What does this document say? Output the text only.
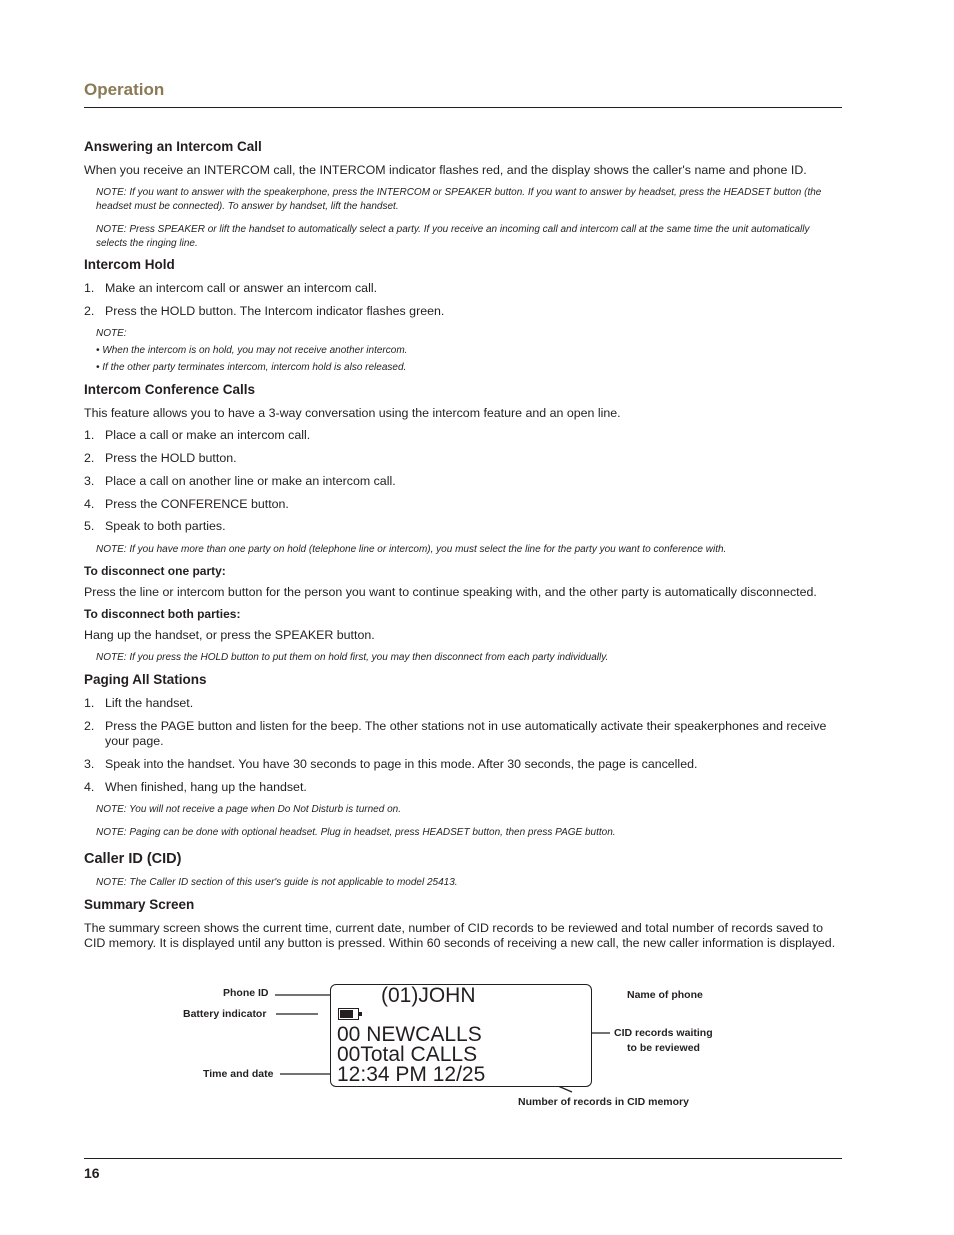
Operation
Answering an Intercom Call
When you receive an INTERCOM call, the INTERCOM indicator flashes red, and the display shows the caller's name and phone ID.
NOTE: If you want to answer with the speakerphone, press the INTERCOM or SPEAKER button. If you want to answer by headset, press the HEADSET button (the headset must be connected). To answer by handset, lift the handset.
NOTE: Press SPEAKER or lift the handset to automatically select a party. If you receive an incoming call and intercom call at the same time the unit automatically selects the ringing line.
Intercom Hold
1. Make an intercom call or answer an intercom call.
2. Press the HOLD button. The Intercom indicator flashes green.
NOTE:
• When the intercom is on hold, you may not receive another intercom.
• If the other party terminates intercom, intercom hold is also released.
Intercom Conference Calls
This feature allows you to have a 3-way conversation using the intercom feature and an open line.
1. Place a call or make an intercom call.
2. Press the HOLD button.
3. Place a call on another line or make an intercom call.
4. Press the CONFERENCE button.
5. Speak to both parties.
NOTE: If you have more than one party on hold (telephone line or intercom), you must select the line for the party you want to conference with.
To disconnect one party:
Press the line or intercom button for the person you want to continue speaking with, and the other party is automatically disconnected.
To disconnect both parties:
Hang up the handset, or press the SPEAKER button.
NOTE: If you press the HOLD button to put them on hold first, you may then disconnect from each party individually.
Paging All Stations
1. Lift the handset.
2. Press the PAGE button and listen for the beep. The other stations not in use automatically activate their speakerphones and receive your page.
3. Speak into the handset. You have 30 seconds to page in this mode. After 30 seconds, the page is cancelled.
4. When finished, hang up the handset.
NOTE: You will not receive a page when Do Not Disturb is turned on.
NOTE: Paging can be done with optional headset. Plug in headset, press HEADSET button, then press PAGE button.
Caller ID (CID)
NOTE: The Caller ID section of this user's guide is not applicable to model 25413.
Summary Screen
The summary screen shows the current time, current date, number of CID records to be reviewed and total number of records saved to CID memory. It is displayed until any button is pressed. Within 60 seconds of receiving a new call, the new caller information is displayed.
(01)JOHN
00 NEWCALLS
00Total CALLS
12:34 PM 12/25
Phone ID
Battery indicator
Time and date
Name of phone
CID records waiting
to be reviewed
Number of records in CID memory
16
